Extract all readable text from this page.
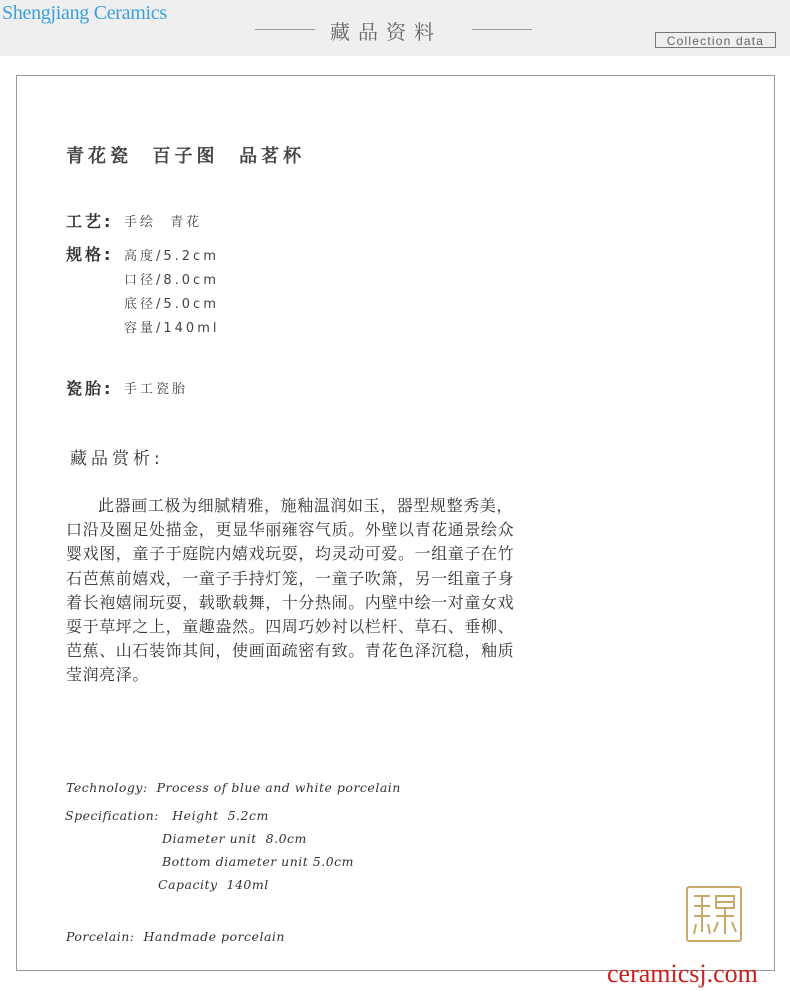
Shengjiang Ceramics
藏品资料	Collection data
青花瓷  百子图  品茗杯
工艺: 手绘  青花
规格: 高度/5.2cm
口径/8.0cm
底径/5.0cm
容量/140ml
瓷胎: 手工瓷胎
藏品赏析:
此器画工极为细腻精雅，施釉温润如玉，器型规整秀美，口沿及圈足处描金，更显华丽雍容气质。外壁以青花通景绘众婴戏图，童子于庭院内嬉戏玩耍，均灵动可爱。一组童子在竹石芭蕉前嬉戏，一童子手持灯笼，一童子吹箫，另一组童子身着长袍嬉闹玩耍，载歌载舞，十分热闹。内壁中绘一对童女戏耍于草坪之上，童趣盎然。四周巧妙衬以栏杆、草石、垂柳、芭蕉、山石装饰其间，使画面疏密有致。青花色泽沉稳，釉质莹润亮泽。
Technology:  Process of blue and white porcelain
Specification:   Height  5.2cm
Diameter unit  8.0cm
Bottom diameter unit 5.0cm
Capacity  140ml
Porcelain:  Handmade porcelain
ceramicsj.com
